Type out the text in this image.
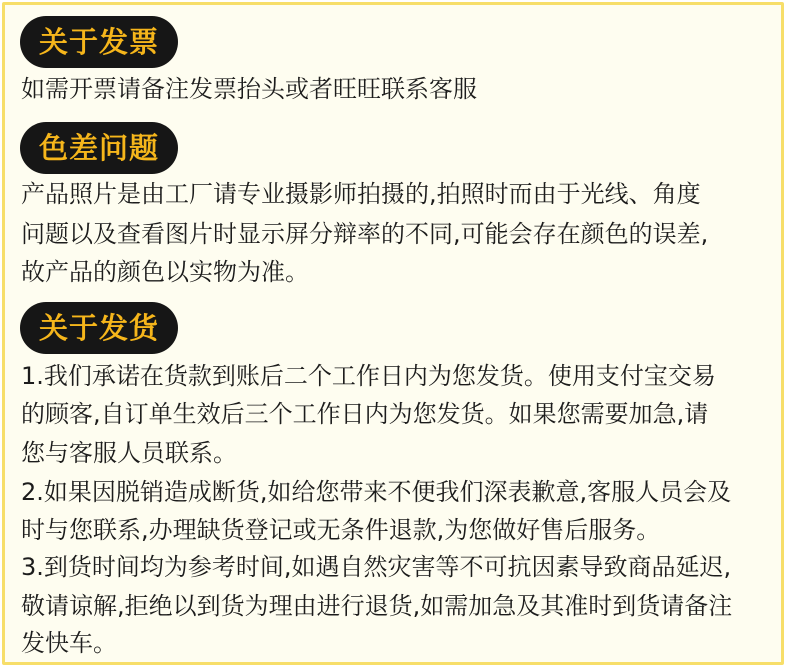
关于发票
如需开票请备注发票抬头或者旺旺联系客服
色差问题
产品照片是由工厂请专业摄影师拍摄的,拍照时而由于光线、角度
问题以及查看图片时显示屏分辩率的不同,可能会存在颜色的误差,
故产品的颜色以实物为准。
关于发货
1.我们承诺在货款到账后二个工作日内为您发货。使用支付宝交易
的顾客,自订单生效后三个工作日内为您发货。如果您需要加急,请
您与客服人员联系。
2.如果因脱销造成断货,如给您带来不便我们深表歉意,客服人员会及
时与您联系,办理缺货登记或无条件退款,为您做好售后服务。
3.到货时间均为参考时间,如遇自然灾害等不可抗因素导致商品延迟,
敬请谅解,拒绝以到货为理由进行退货,如需加急及其准时到货请备注
发快车。
